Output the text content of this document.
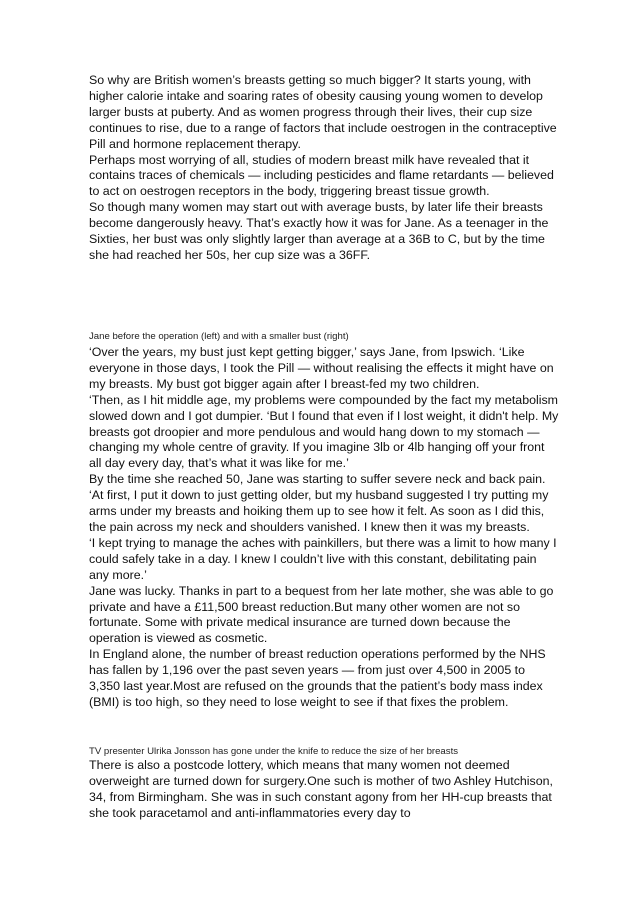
So why are British women’s breasts getting so much bigger? It starts young, with higher calorie intake and soaring rates of obesity causing young women to develop larger busts at puberty. And as women progress through their lives, their cup size continues to rise, due to a range of factors that include oestrogen in the contraceptive Pill and hormone replacement therapy.
Perhaps most worrying of all, studies of modern breast milk have revealed that it contains traces of chemicals — including pesticides and flame retardants — believed to act on oestrogen receptors in the body, triggering breast tissue growth.
So though many women may start out with average busts, by later life their breasts become dangerously heavy. That’s exactly how it was for Jane. As a teenager in the Sixties, her bust was only slightly larger than average at a 36B to C, but by the time she had reached her 50s, her cup size was a 36FF.

Jane before the operation (left) and with a smaller bust (right)

‘Over the years, my bust just kept getting bigger,’ says Jane, from Ipswich. ‘Like everyone in those days, I took the Pill — without realising the effects it might have on my breasts. My bust got bigger again after I breast-fed my two children.
‘Then, as I hit middle age, my problems were compounded by the fact my metabolism slowed down and I got dumpier. ‘But I found that even if I lost weight, it didn't help. My breasts got droopier and more pendulous and would hang down to my stomach — changing my whole centre of gravity. If you imagine 3lb or 4lb hanging off your front all day every day, that’s what it was like for me.’
By the time she reached 50, Jane was starting to suffer severe neck and back pain. ‘At first, I put it down to just getting older, but my husband suggested I try putting my arms under my breasts and hoiking them up to see how it felt. As soon as I did this, the pain across my neck and shoulders vanished. I knew then it was my breasts.
‘I kept trying to manage the aches with painkillers, but there was a limit to how many I could safely take in a day. I knew I couldn’t live with this constant, debilitating pain any more.’
Jane was lucky. Thanks in part to a bequest from her late mother, she was able to go private and have a £11,500 breast reduction.But many other women are not so fortunate. Some with private medical insurance are turned down because the operation is viewed as cosmetic.
In England alone, the number of breast reduction operations performed by the NHS has fallen by 1,196 over the past seven years — from just over 4,500 in 2005 to 3,350 last year.Most are refused on the grounds that the patient’s body mass index (BMI) is too high, so they need to lose weight to see if that fixes the problem.

TV presenter Ulrika Jonsson has gone under the knife to reduce the size of her breasts

There is also a postcode lottery, which means that many women not deemed overweight are turned down for surgery.One such is mother of two Ashley Hutchison, 34, from Birmingham. She was in such constant agony from her HH-cup breasts that she took paracetamol and anti-inflammatories every day to
